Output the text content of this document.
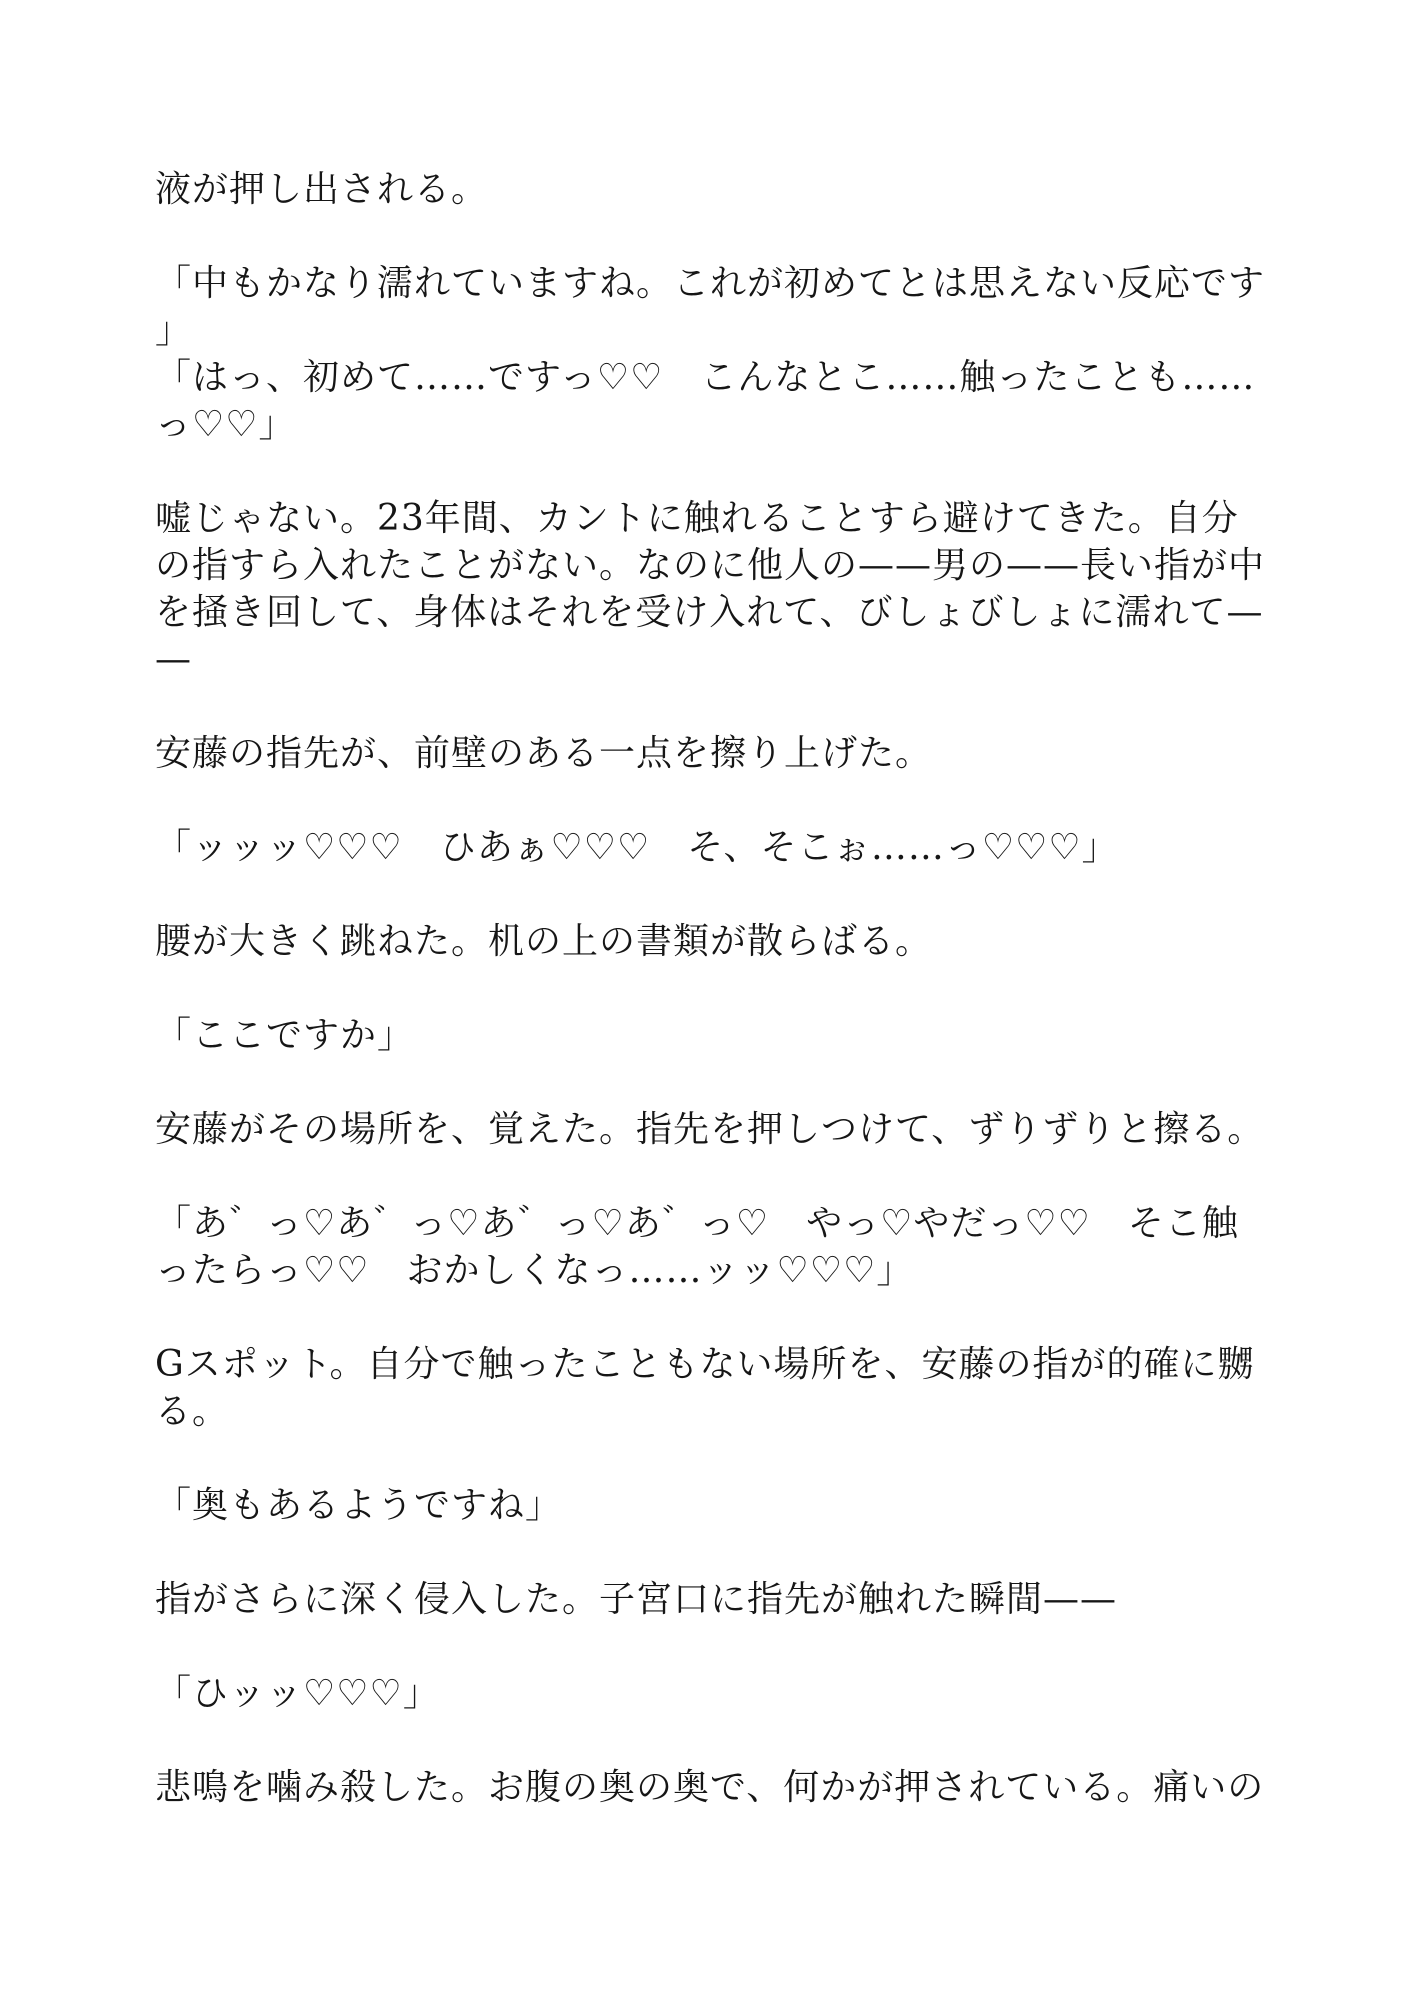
液が押し出される。
「中もかなり濡れていますね。これが初めてとは思えない反応です
」
「はっ、初めて……ですっ♡♡　こんなとこ……触ったことも……
っ♡♡」
嘘じゃない。23年間、カントに触れることすら避けてきた。自分
の指すら入れたことがない。なのに他人の——男の——長い指が中
を掻き回して、身体はそれを受け入れて、びしょびしょに濡れて—
—
安藤の指先が、前壁のある一点を擦り上げた。
「ッッッ♡♡♡　ひあぁ♡♡♡　そ、そこぉ……っ♡♡♡」
腰が大きく跳ねた。机の上の書類が散らばる。
「ここですか」
安藤がその場所を、覚えた。指先を押しつけて、ずりずりと擦る。
「あ゛っ♡あ゛っ♡あ゛っ♡あ゛っ♡　やっ♡やだっ♡♡　そこ触
ったらっ♡♡　おかしくなっ……ッッ♡♡♡」
Gスポット。自分で触ったこともない場所を、安藤の指が的確に嬲
る。
「奥もあるようですね」
指がさらに深く侵入した。子宮口に指先が触れた瞬間——
「ひッッ♡♡♡」
悲鳴を噛み殺した。お腹の奥の奥で、何かが押されている。痛いの
